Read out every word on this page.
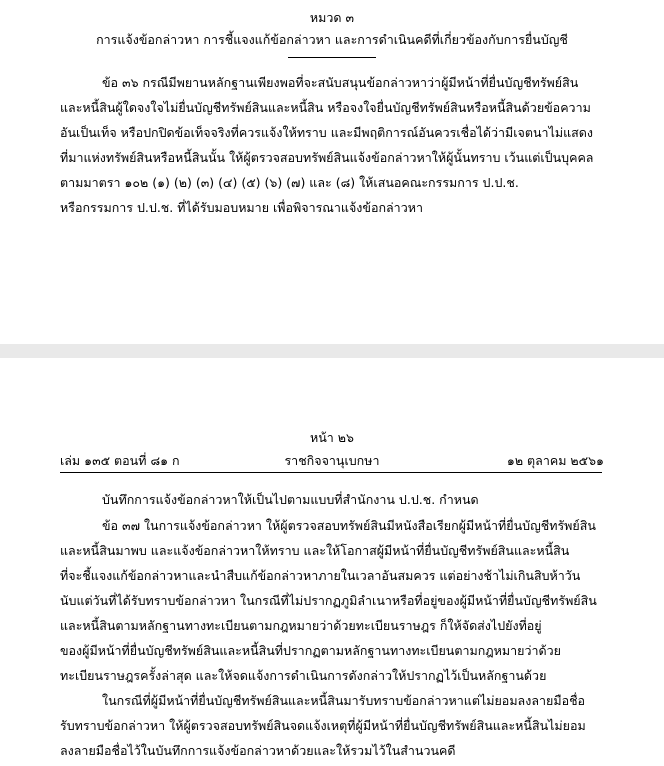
หมวด ๓
การแจ้งข้อกล่าวหา การชี้แจงแก้ข้อกล่าวหา และการดำเนินคดีที่เกี่ยวข้องกับการยื่นบัญชี
ข้อ ๓๖ กรณีมีพยานหลักฐานเพียงพอที่จะสนับสนุนข้อกล่าวหาว่าผู้มีหน้าที่ยื่นบัญชีทรัพย์สิน
และหนี้สินผู้ใดจงใจไม่ยื่นบัญชีทรัพย์สินและหนี้สิน หรือจงใจยื่นบัญชีทรัพย์สินหรือหนี้สินด้วยข้อความ
อันเป็นเท็จ หรือปกปิดข้อเท็จจริงที่ควรแจ้งให้ทราบ และมีพฤติการณ์อันควรเชื่อได้ว่ามีเจตนาไม่แสดง
ที่มาแห่งทรัพย์สินหรือหนี้สินนั้น ให้ผู้ตรวจสอบทรัพย์สินแจ้งข้อกล่าวหาให้ผู้นั้นทราบ เว้นแต่เป็นบุคคล
ตามมาตรา ๑๐๒ (๑) (๒) (๓) (๔) (๕) (๖) (๗) และ (๘) ให้เสนอคณะกรรมการ ป.ป.ช.
หรือกรรมการ ป.ป.ช. ที่ได้รับมอบหมาย เพื่อพิจารณาแจ้งข้อกล่าวหา
หน้า ๒๖
เล่ม ๑๓๕ ตอนที่ ๘๑ ก	ราชกิจจานุเบกษา	๑๒ ตุลาคม ๒๕๖๑
บันทึกการแจ้งข้อกล่าวหาให้เป็นไปตามแบบที่สำนักงาน ป.ป.ช. กำหนด
ข้อ ๓๗ ในการแจ้งข้อกล่าวหา ให้ผู้ตรวจสอบทรัพย์สินมีหนังสือเรียกผู้มีหน้าที่ยื่นบัญชีทรัพย์สิน
และหนี้สินมาพบ และแจ้งข้อกล่าวหาให้ทราบ และให้โอกาสผู้มีหน้าที่ยื่นบัญชีทรัพย์สินและหนี้สิน
ที่จะชี้แจงแก้ข้อกล่าวหาและนำสืบแก้ข้อกล่าวหาภายในเวลาอันสมควร แต่อย่างช้าไม่เกินสิบห้าวัน
นับแต่วันที่ได้รับทราบข้อกล่าวหา ในกรณีที่ไม่ปรากฏภูมิลำเนาหรือที่อยู่ของผู้มีหน้าที่ยื่นบัญชีทรัพย์สิน
และหนี้สินตามหลักฐานทางทะเบียนตามกฎหมายว่าด้วยทะเบียนราษฎร ก็ให้จัดส่งไปยังที่อยู่
ของผู้มีหน้าที่ยื่นบัญชีทรัพย์สินและหนี้สินที่ปรากฏตามหลักฐานทางทะเบียนตามกฎหมายว่าด้วย
ทะเบียนราษฎรครั้งล่าสุด และให้จดแจ้งการดำเนินการดังกล่าวให้ปรากฏไว้เป็นหลักฐานด้วย
ในกรณีที่ผู้มีหน้าที่ยื่นบัญชีทรัพย์สินและหนี้สินมารับทราบข้อกล่าวหาแต่ไม่ยอมลงลายมือชื่อ
รับทราบข้อกล่าวหา ให้ผู้ตรวจสอบทรัพย์สินจดแจ้งเหตุที่ผู้มีหน้าที่ยื่นบัญชีทรัพย์สินและหนี้สินไม่ยอม
ลงลายมือชื่อไว้ในบันทึกการแจ้งข้อกล่าวหาด้วยและให้รวมไว้ในสำนวนคดี
